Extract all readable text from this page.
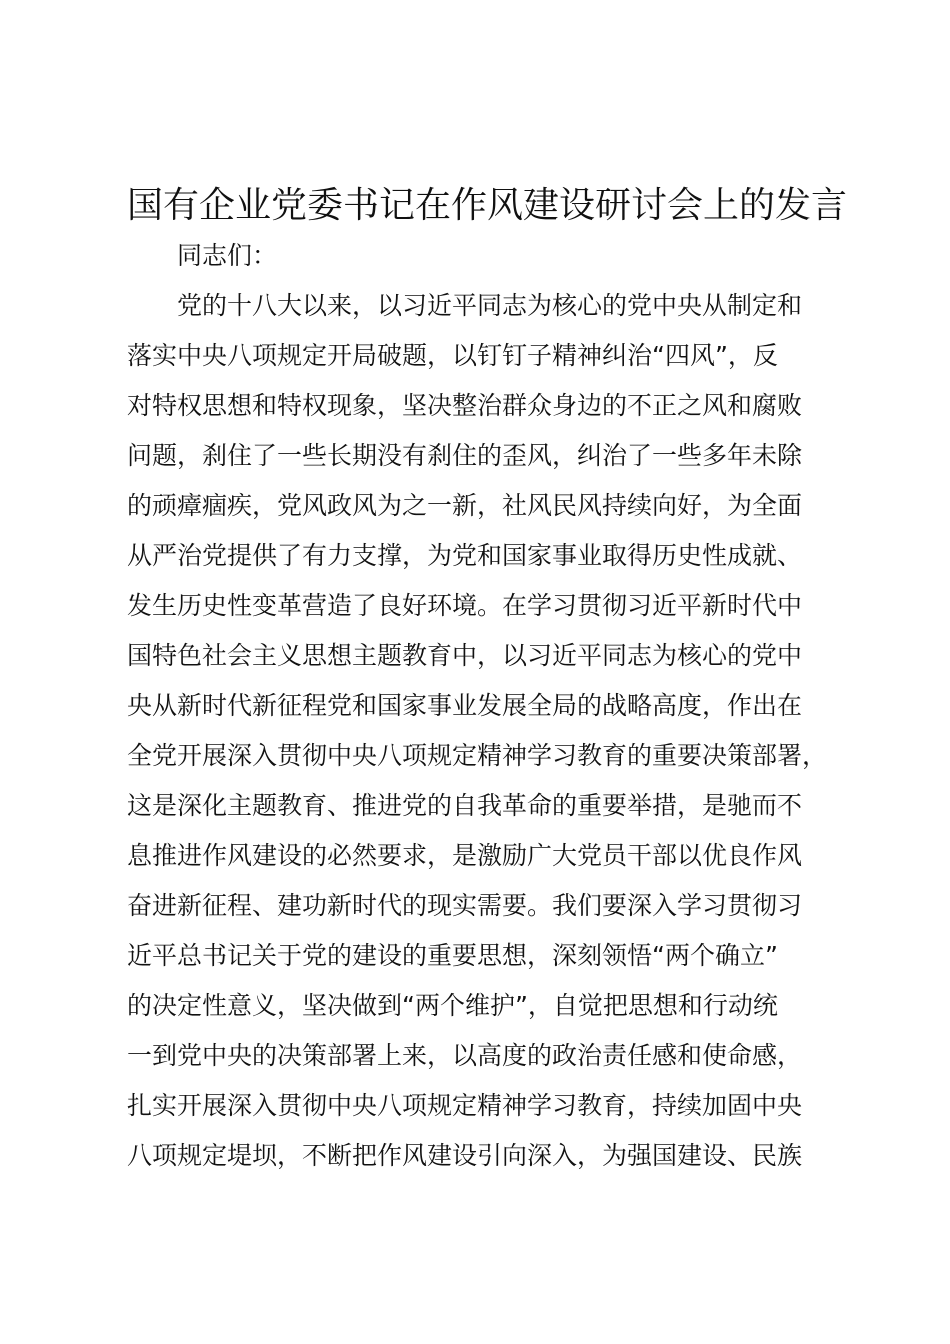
国有企业党委书记在作风建设研讨会上的发言
同志们：
党的十八大以来，以习近平同志为核心的党中央从制定和
落实中央八项规定开局破题，以钉钉子精神纠治“四风”，反
对特权思想和特权现象，坚决整治群众身边的不正之风和腐败
问题，刹住了一些长期没有刹住的歪风，纠治了一些多年未除
的顽瘴痼疾，党风政风为之一新，社风民风持续向好，为全面
从严治党提供了有力支撑，为党和国家事业取得历史性成就、
发生历史性变革营造了良好环境。在学习贯彻习近平新时代中
国特色社会主义思想主题教育中，以习近平同志为核心的党中
央从新时代新征程党和国家事业发展全局的战略高度，作出在
全党开展深入贯彻中央八项规定精神学习教育的重要决策部署，
这是深化主题教育、推进党的自我革命的重要举措，是驰而不
息推进作风建设的必然要求，是激励广大党员干部以优良作风
奋进新征程、建功新时代的现实需要。我们要深入学习贯彻习
近平总书记关于党的建设的重要思想，深刻领悟“两个确立”
的决定性意义，坚决做到“两个维护”，自觉把思想和行动统
一到党中央的决策部署上来，以高度的政治责任感和使命感，
扎实开展深入贯彻中央八项规定精神学习教育，持续加固中央
八项规定堤坝，不断把作风建设引向深入，为强国建设、民族
